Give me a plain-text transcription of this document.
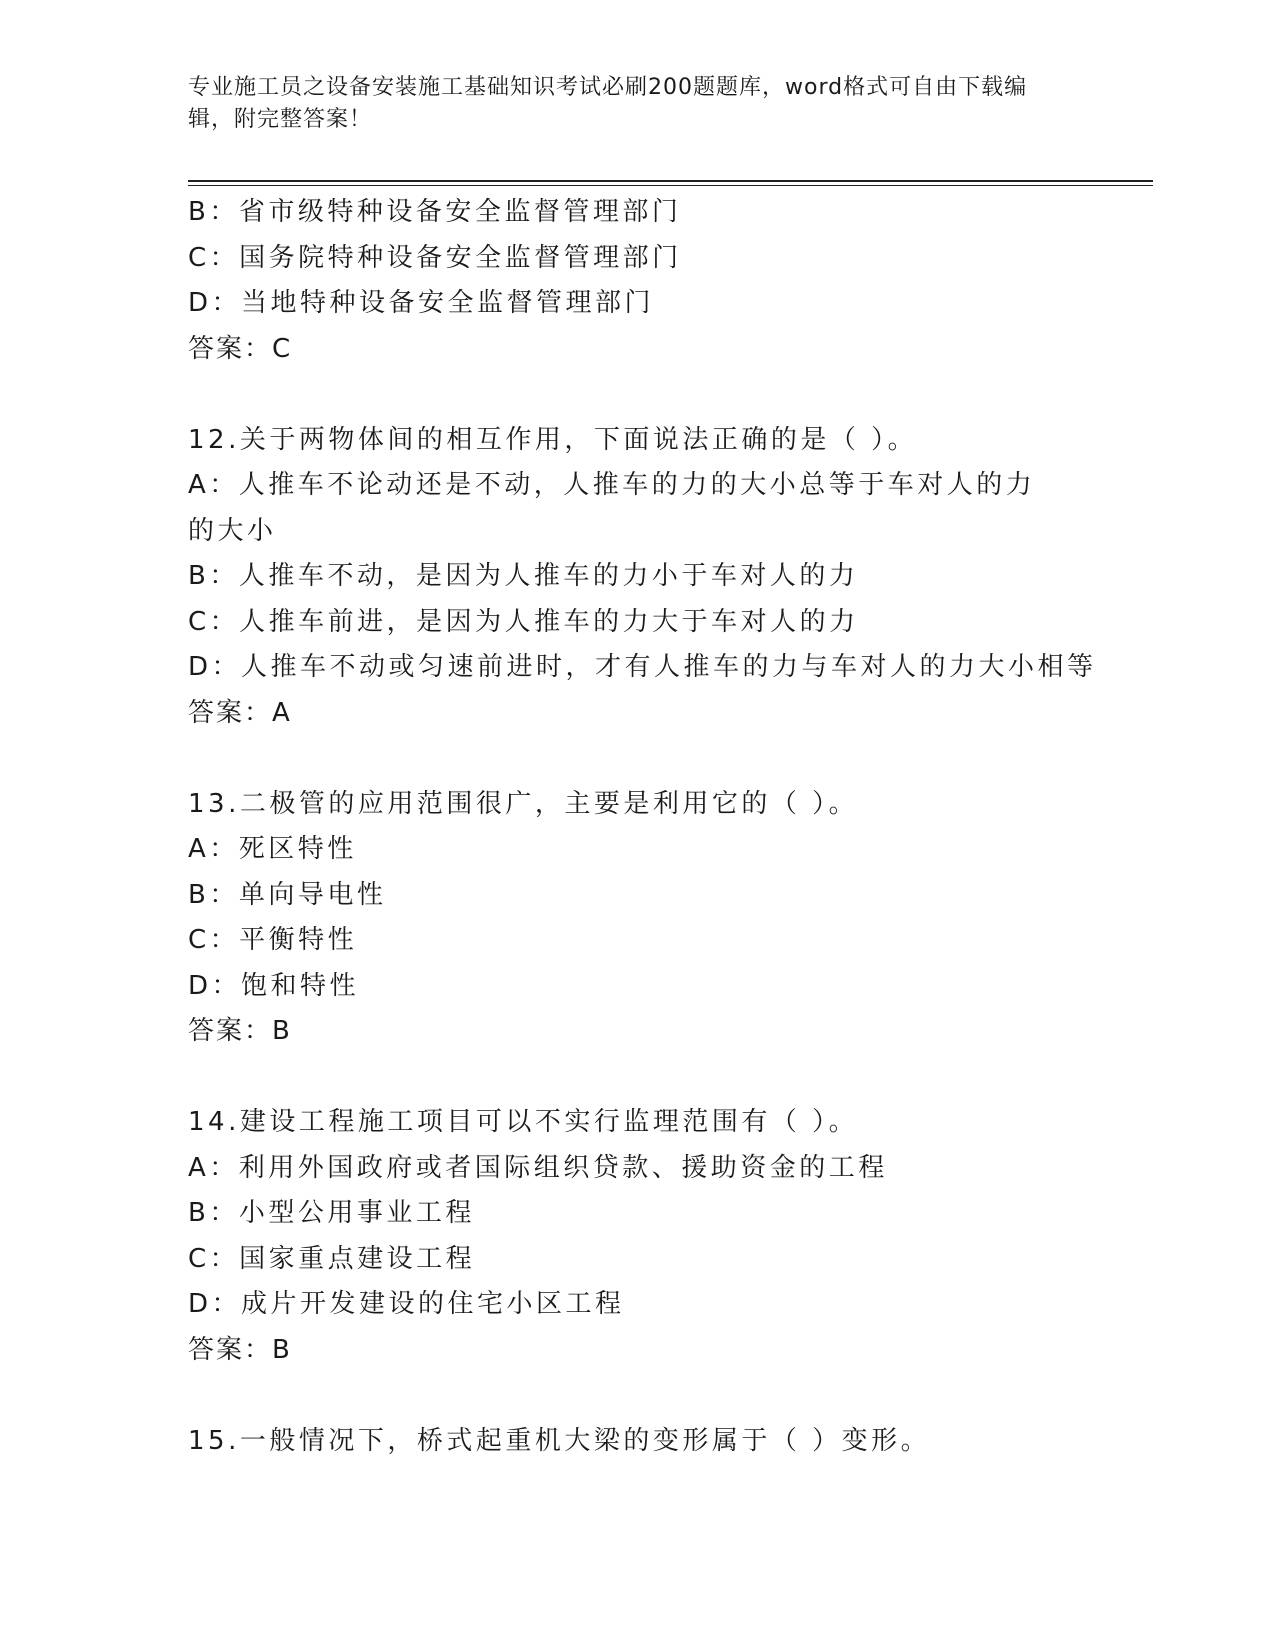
专业施工员之设备安装施工基础知识考试必刷200题题库，word格式可自由下载编辑，附完整答案！
B：省市级特种设备安全监督管理部门
C：国务院特种设备安全监督管理部门
D：当地特种设备安全监督管理部门
答案：C
12.关于两物体间的相互作用，下面说法正确的是（ ）。
A：人推车不论动还是不动，人推车的力的大小总等于车对人的力的大小
B：人推车不动，是因为人推车的力小于车对人的力
C：人推车前进，是因为人推车的力大于车对人的力
D：人推车不动或匀速前进时，才有人推车的力与车对人的力大小相等
答案：A
13.二极管的应用范围很广，主要是利用它的（ ）。
A：死区特性
B：单向导电性
C：平衡特性
D：饱和特性
答案：B
14.建设工程施工项目可以不实行监理范围有（ ）。
A：利用外国政府或者国际组织贷款、援助资金的工程
B：小型公用事业工程
C：国家重点建设工程
D：成片开发建设的住宅小区工程
答案：B
15.一般情况下，桥式起重机大梁的变形属于（ ）变形。
